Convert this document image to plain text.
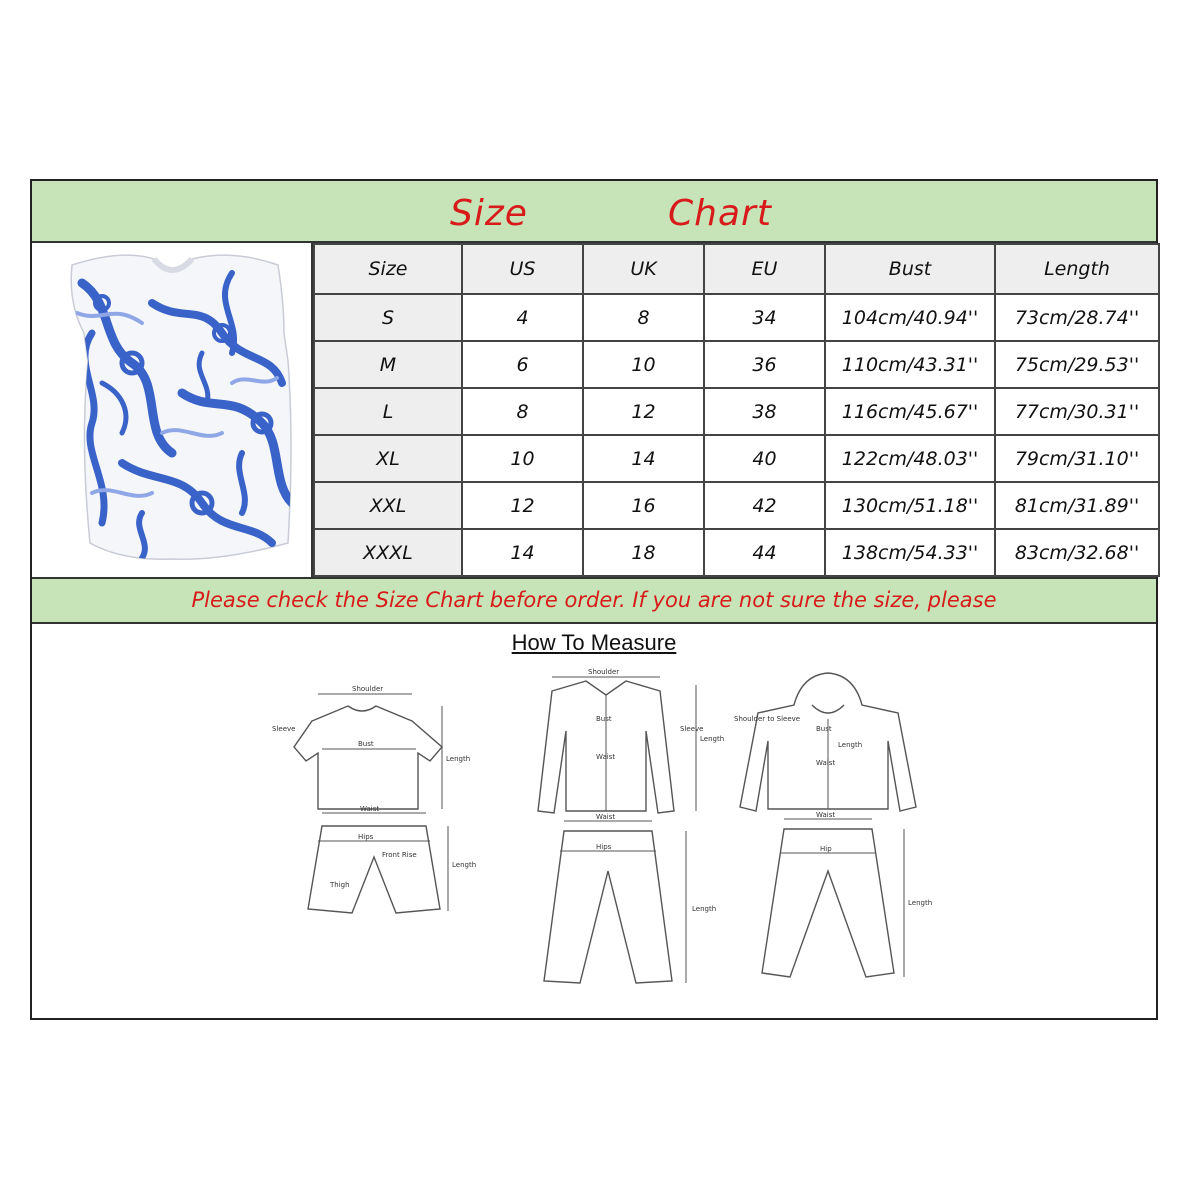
Size	Chart
Size	US	UK	EU	Bust	Length
S	4	8	34	104cm/40.94''	73cm/28.74''
M	6	10	36	110cm/43.31''	75cm/29.53''
L	8	12	38	116cm/45.67''	77cm/30.31''
XL	10	14	40	122cm/48.03''	79cm/31.10''
XXL	12	16	42	130cm/51.18''	81cm/31.89''
XXXL	14	18	44	138cm/54.33''	83cm/32.68''
Please check the Size Chart before order. If you are not sure the size, please
How To Measure
Shoulder
Bust
Length
Sleeve
Waist
Hips
Front Rise
Thigh
Length
Shoulder
Bust
Waist
Sleeve
Length
Waist
Hips
Length
Bust
Waist
Shoulder to Sleeve
Length
Waist
Hip
Length
